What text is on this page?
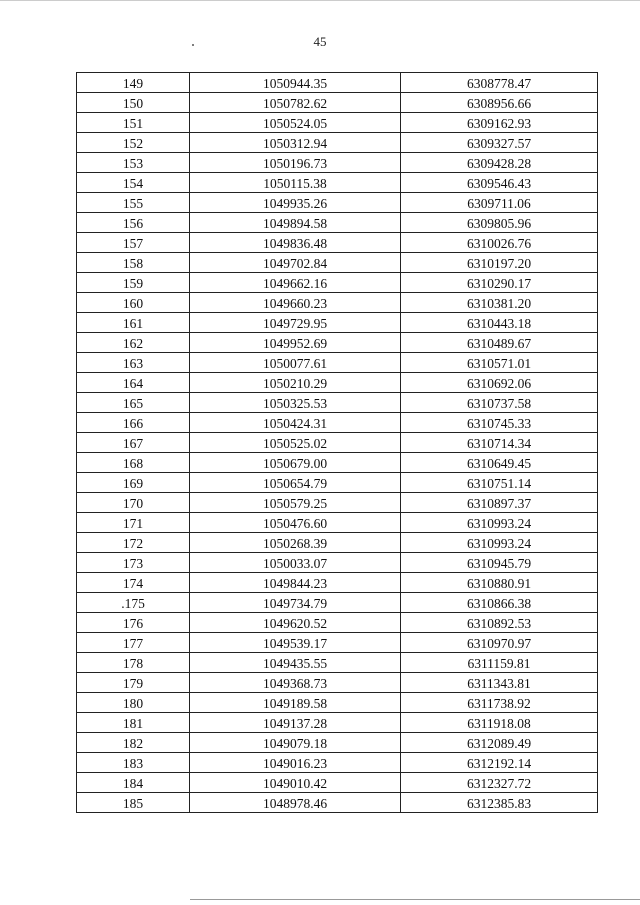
45
149	1050944.35	6308778.47
150	1050782.62	6308956.66
151	1050524.05	6309162.93
152	1050312.94	6309327.57
153	1050196.73	6309428.28
154	1050115.38	6309546.43
155	1049935.26	6309711.06
156	1049894.58	6309805.96
157	1049836.48	6310026.76
158	1049702.84	6310197.20
159	1049662.16	6310290.17
160	1049660.23	6310381.20
161	1049729.95	6310443.18
162	1049952.69	6310489.67
163	1050077.61	6310571.01
164	1050210.29	6310692.06
165	1050325.53	6310737.58
166	1050424.31	6310745.33
167	1050525.02	6310714.34
168	1050679.00	6310649.45
169	1050654.79	6310751.14
170	1050579.25	6310897.37
171	1050476.60	6310993.24
172	1050268.39	6310993.24
173	1050033.07	6310945.79
174	1049844.23	6310880.91
.175	1049734.79	6310866.38
176	1049620.52	6310892.53
177	1049539.17	6310970.97
178	1049435.55	6311159.81
179	1049368.73	6311343.81
180	1049189.58	6311738.92
181	1049137.28	6311918.08
182	1049079.18	6312089.49
183	1049016.23	6312192.14
184	1049010.42	6312327.72
185	1048978.46	6312385.83
